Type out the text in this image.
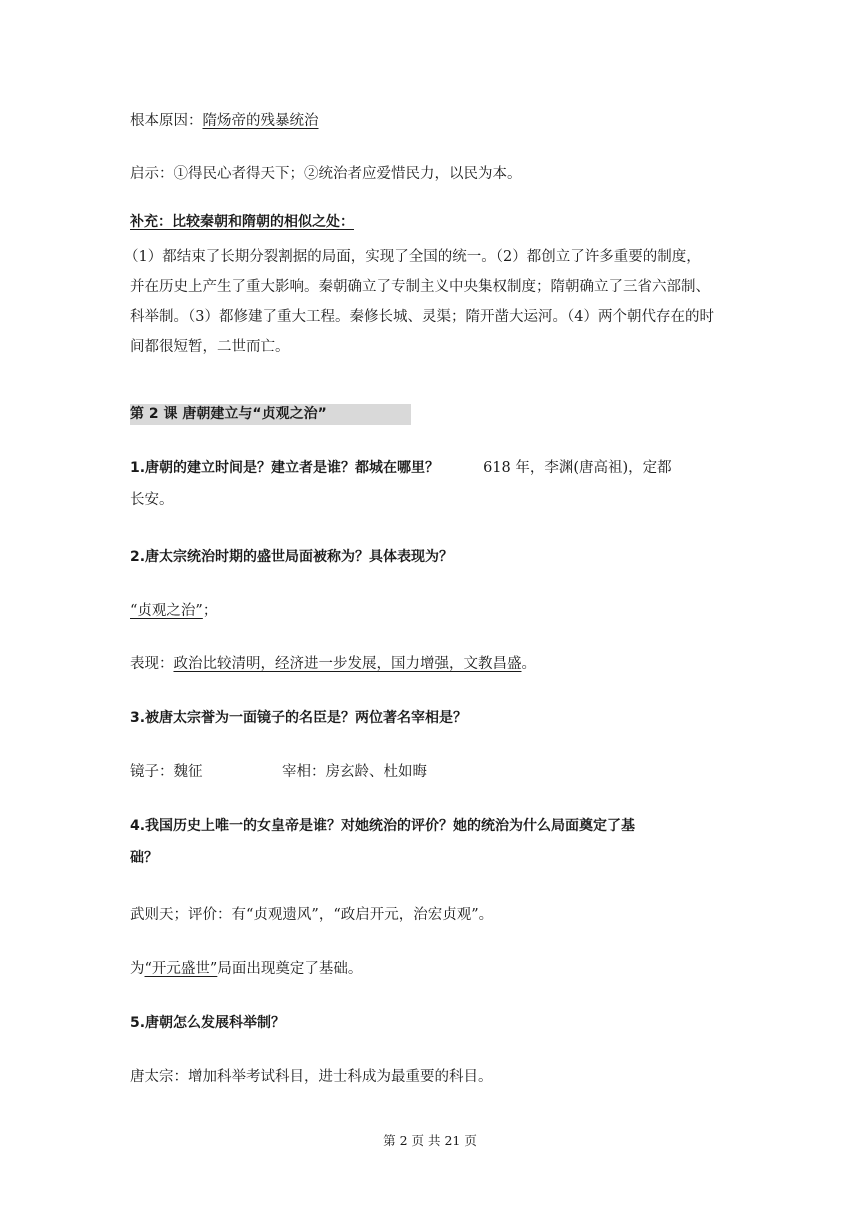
根本原因：隋炀帝的残暴统治
启示：①得民心者得天下；②统治者应爱惜民力，以民为本。
补充：比较秦朝和隋朝的相似之处：
（1）都结束了长期分裂割据的局面，实现了全国的统一。（2）都创立了许多重要的制度，
并在历史上产生了重大影响。秦朝确立了专制主义中央集权制度；隋朝确立了三省六部制、
科举制。（3）都修建了重大工程。秦修长城、灵渠；隋开凿大运河。（4）两个朝代存在的时
间都很短暂，二世而亡。
第 2 课 唐朝建立与“贞观之治”
1.唐朝的建立时间是？建立者是谁？都城在哪里？	618 年，李渊(唐高祖)，定都
长安。
2.唐太宗统治时期的盛世局面被称为？具体表现为？
“贞观之治”；
表现：政治比较清明，经济进一步发展，国力增强，文教昌盛。
3.被唐太宗誉为一面镜子的名臣是？两位著名宰相是？
镜子：魏征	宰相：房玄龄、杜如晦
4.我国历史上唯一的女皇帝是谁？对她统治的评价？她的统治为什么局面奠定了基
础？
武则天；评价：有“贞观遗风”，“政启开元，治宏贞观”。
为“开元盛世”局面出现奠定了基础。
5.唐朝怎么发展科举制？
唐太宗：增加科举考试科目，进士科成为最重要的科目。
第 2 页 共 21 页
